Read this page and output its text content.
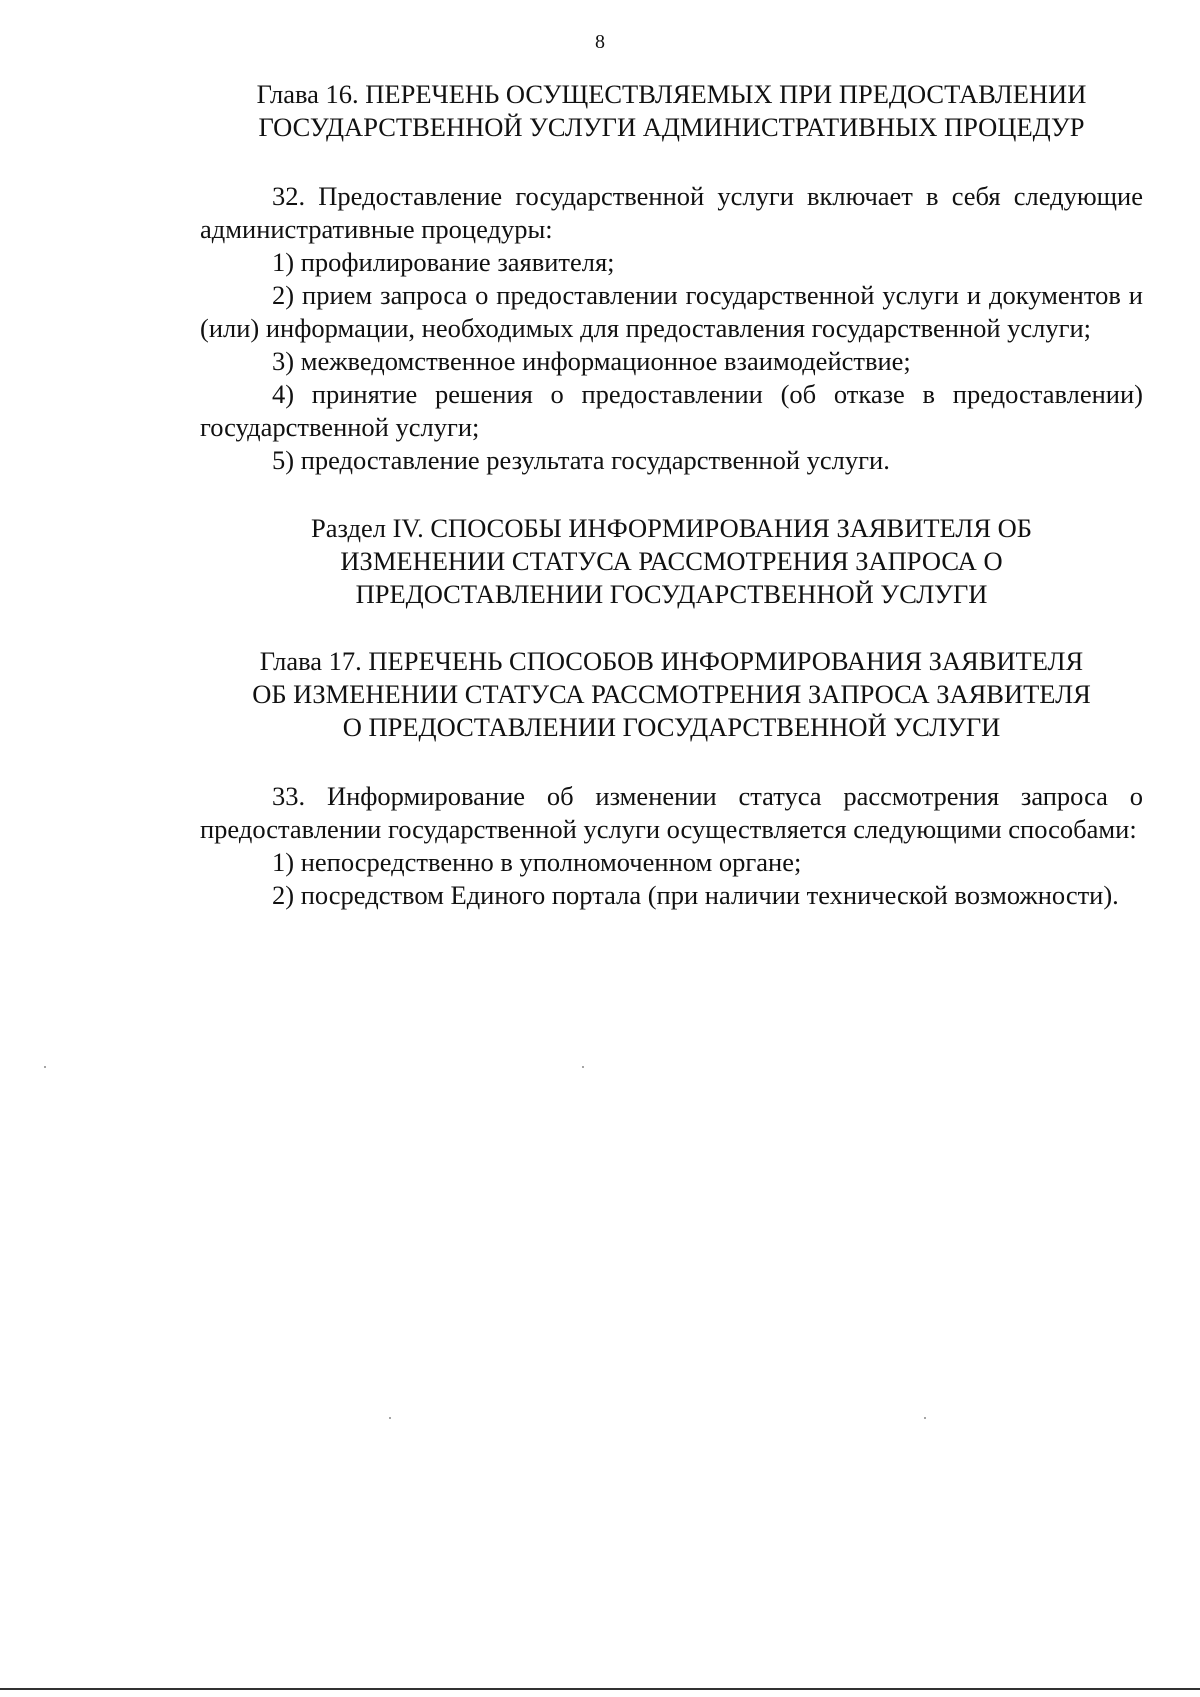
8
Глава 16. ПЕРЕЧЕНЬ ОСУЩЕСТВЛЯЕМЫХ ПРИ ПРЕДОСТАВЛЕНИИ
ГОСУДАРСТВЕННОЙ УСЛУГИ АДМИНИСТРАТИВНЫХ ПРОЦЕДУР

32. Предоставление государственной услуги включает в себя следующие административные процедуры:

1) профилирование заявителя;

2) прием запроса о предоставлении государственной услуги и документов и (или) информации, необходимых для предоставления государственной услуги;

3) межведомственное информационное взаимодействие;

4) принятие решения о предоставлении (об отказе в предоставлении) государственной услуги;

5) предоставление результата государственной услуги.

Раздел IV. СПОСОБЫ ИНФОРМИРОВАНИЯ ЗАЯВИТЕЛЯ ОБ
ИЗМЕНЕНИИ СТАТУСА РАССМОТРЕНИЯ ЗАПРОСА О
ПРЕДОСТАВЛЕНИИ ГОСУДАРСТВЕННОЙ УСЛУГИ
Глава 17. ПЕРЕЧЕНЬ СПОСОБОВ ИНФОРМИРОВАНИЯ ЗАЯВИТЕЛЯ
ОБ ИЗМЕНЕНИИ СТАТУСА РАССМОТРЕНИЯ ЗАПРОСА ЗАЯВИТЕЛЯ
О ПРЕДОСТАВЛЕНИИ ГОСУДАРСТВЕННОЙ УСЛУГИ

33. Информирование об изменении статуса рассмотрения запроса о предоставлении государственной услуги осуществляется следующими способами:

1) непосредственно в уполномоченном органе;

2) посредством Единого портала (при наличии технической возможности).
